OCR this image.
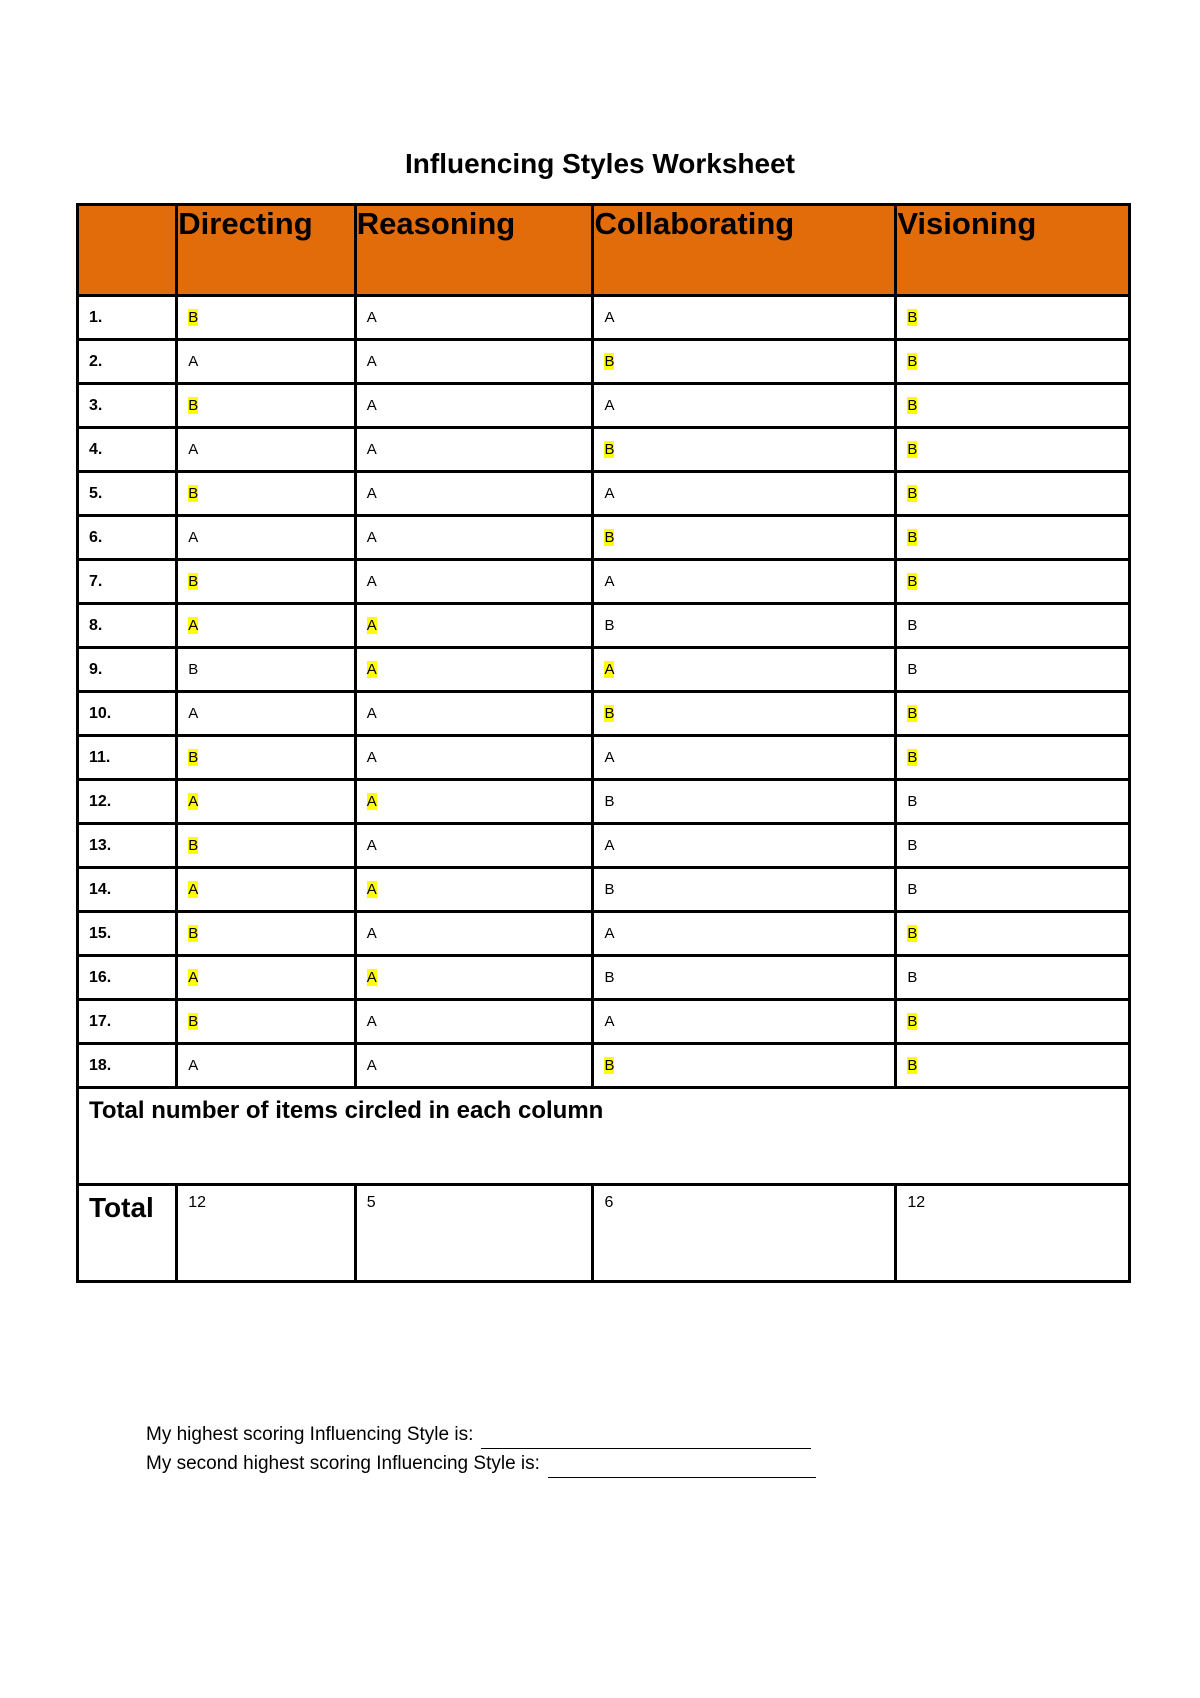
Influencing Styles Worksheet
	Directing	Reasoning	Collaborating	Visioning
1.	B	A	A	B
2.	A	A	B	B
3.	B	A	A	B
4.	A	A	B	B
5.	B	A	A	B
6.	A	A	B	B
7.	B	A	A	B
8.	A	A	B	B
9.	B	A	A	B
10.	A	A	B	B
11.	B	A	A	B
12.	A	A	B	B
13.	B	A	A	B
14.	A	A	B	B
15.	B	A	A	B
16.	A	A	B	B
17.	B	A	A	B
18.	A	A	B	B
Total number of items circled in each column				
Total	12	5	6	12
My highest scoring Influencing Style is:
My second highest scoring Influencing Style is:
